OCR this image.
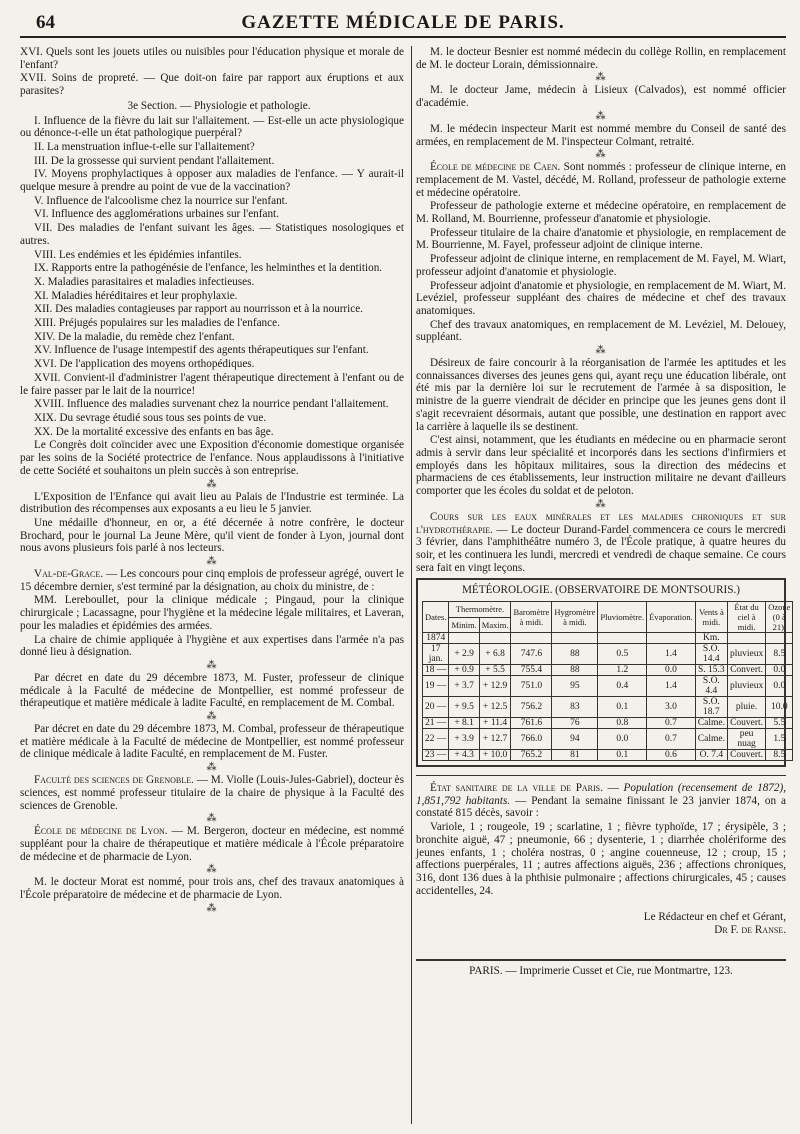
64	GAZETTE MÉDICALE DE PARIS.

XVI. Quels sont les jouets utiles ou nuisibles pour l'éducation physique et morale de l'enfant?

XVII. Soins de propreté. — Que doit-on faire par rapport aux éruptions et aux parasites?

3e Section. — Physiologie et pathologie.

I. Influence de la fièvre du lait sur l'allaitement. — Est-elle un acte physiologique ou dénonce-t-elle un état pathologique puerpéral?

II. La menstruation influe-t-elle sur l'allaitement?

III. De la grossesse qui survient pendant l'allaitement.

IV. Moyens prophylactiques à opposer aux maladies de l'enfance. — Y aurait-il quelque mesure à prendre au point de vue de la vaccination?

V. Influence de l'alcoolisme chez la nourrice sur l'enfant.

VI. Influence des agglomérations urbaines sur l'enfant.

VII. Des maladies de l'enfant suivant les âges. — Statistiques nosologiques et autres.

VIII. Les endémies et les épidémies infantiles.

IX. Rapports entre la pathogénésie de l'enfance, les helminthes et la dentition.

X. Maladies parasitaires et maladies infectieuses.

XI. Maladies héréditaires et leur prophylaxie.

XII. Des maladies contagieuses par rapport au nourrisson et à la nourrice.

XIII. Préjugés populaires sur les maladies de l'enfance.

XIV. De la maladie, du remède chez l'enfant.

XV. Influence de l'usage intempestif des agents thérapeutiques sur l'enfant.

XVI. De l'application des moyens orthopédiques.

XVII. Convient-il d'administrer l'agent thérapeutique directement à l'enfant ou de le faire passer par le lait de la nourrice!

XVIII. Influence des maladies survenant chez la nourrice pendant l'allaitement.

XIX. Du sevrage étudié sous tous ses points de vue.

XX. De la mortalité excessive des enfants en bas âge.

Le Congrès doit coïncider avec une Exposition d'économie domestique organisée par les soins de la Société protectrice de l'enfance. Nous applaudissons à l'initiative de cette Société et souhaitons un plein succès à son entreprise.

⁂

L'Exposition de l'Enfance qui avait lieu au Palais de l'Industrie est terminée. La distribution des récompenses aux exposants a eu lieu le 5 janvier.

Une médaille d'honneur, en or, a été décernée à notre confrère, le docteur Brochard, pour le journal La Jeune Mère, qu'il vient de fonder à Lyon, journal dont nous avons plusieurs fois parlé à nos lecteurs.

⁂

Val-de-Grace. — Les concours pour cinq emplois de professeur agrégé, ouvert le 15 décembre dernier, s'est terminé par la désignation, au choix du ministre, de :

MM. Lereboullet, pour la clinique médicale ; Pingaud, pour la clinique chirurgicale ; Lacassagne, pour l'hygiène et la médecine légale militaires, et Laveran, pour les maladies et épidémies des armées.

La chaire de chimie appliquée à l'hygiène et aux expertises dans l'armée n'a pas donné lieu à désignation.

⁂

Par décret en date du 29 décembre 1873, M. Fuster, professeur de clinique médicale à la Faculté de médecine de Montpellier, est nommé professeur de thérapeutique et matière médicale à ladite Faculté, en remplacement de M. Combal.

⁂

Par décret en date du 29 décembre 1873, M. Combal, professeur de thérapeutique et matière médicale à la Faculté de médecine de Montpellier, est nommé professeur de clinique médicale à ladite Faculté, en remplacement de M. Fuster.

⁂

Faculté des sciences de Grenoble. — M. Violle (Louis-Jules-Gabriel), docteur ès sciences, est nommé professeur titulaire de la chaire de physique à la Faculté des sciences de Grenoble.

⁂

École de médecine de Lyon. — M. Bergeron, docteur en médecine, est nommé suppléant pour la chaire de thérapeutique et matière médicale à l'École préparatoire de médecine et de pharmacie de Lyon.

⁂

M. le docteur Morat est nommé, pour trois ans, chef des travaux anatomiques à l'École préparatoire de médecine et de pharmacie de Lyon.

⁂

M. le docteur Besnier est nommé médecin du collège Rollin, en remplacement de M. le docteur Lorain, démissionnaire.

⁂

M. le docteur Jame, médecin à Lisieux (Calvados), est nommé officier d'académie.

⁂

M. le médecin inspecteur Marit est nommé membre du Conseil de santé des armées, en remplacement de M. l'inspecteur Colmant, retraité.

⁂

École de médecine de Caen. Sont nommés : professeur de clinique interne, en remplacement de M. Vastel, décédé, M. Rolland, professeur de pathologie externe et médecine opératoire.

Professeur de pathologie externe et médecine opératoire, en remplacement de M. Rolland, M. Bourrienne, professeur d'anatomie et physiologie.

Professeur titulaire de la chaire d'anatomie et physiologie, en remplacement de M. Bourrienne, M. Fayel, professeur adjoint de clinique interne.

Professeur adjoint de clinique interne, en remplacement de M. Fayel, M. Wiart, professeur adjoint d'anatomie et physiologie.

Professeur adjoint d'anatomie et physiologie, en remplacement de M. Wiart, M. Levéziel, professeur suppléant des chaires de médecine et chef des travaux anatomiques.

Chef des travaux anatomiques, en remplacement de M. Levéziel, M. Delouey, suppléant.

⁂

Désireux de faire concourir à la réorganisation de l'armée les aptitudes et les connaissances diverses des jeunes gens qui, ayant reçu une éducation libérale, ont été mis par la dernière loi sur le recrutement de l'armée à sa disposition, le ministre de la guerre viendrait de décider en principe que les jeunes gens dont il s'agit recevraient désormais, autant que possible, une destination en rapport avec la carrière à laquelle ils se destinent.

C'est ainsi, notamment, que les étudiants en médecine ou en pharmacie seront admis à servir dans leur spécialité et incorporés dans les sections d'infirmiers et employés dans les hôpitaux militaires, sous la direction des médecins et pharmaciens de ces établissements, leur instruction militaire ne devant d'ailleurs comporter que les écoles du soldat et de peloton.

⁂

Cours sur les eaux minérales et les maladies chroniques et sur l'hydrothérapie. — Le docteur Durand-Fardel commencera ce cours le mercredi 3 février, dans l'amphithéâtre numéro 3, de l'École pratique, à quatre heures du soir, et les continuera les lundi, mercredi et vendredi de chaque semaine. Ce cours sera fait en vingt leçons.

MÉTÉOROLOGIE. (OBSERVATOIRE DE MONTSOURIS.)
Dates.	Thermomètre.		Baromètre à midi.	Hygromètre à midi.	Pluviomètre.	Évaporation.	Vents à midi.	État du ciel à midi.	Ozone (0 à 21).
	Minim.	Maxim.							
1874							Km.		
17 jan.	+ 2.9	+ 6.8	747.6	88	0.5	1.4	S.O. 14.4	pluvieux	8.5
18 —	+ 0.9	+ 5.5	755.4	88	1.2	0.0	S. 15.3	Convert.	0.0
19 —	+ 3.7	+ 12.9	751.0	95	0.4	1.4	S.O. 4.4	pluvieux	0.0
20 —	+ 9.5	+ 12.5	756.2	83	0.1	3.0	S.O. 18.7	pluie.	10.0
21 —	+ 8.1	+ 11.4	761.6	76	0.8	0.7	Calme.	Couvert.	5.5
22 —	+ 3.9	+ 12.7	766.0	94	0.0	0.7	Calme.	peu nuag	1.5
23 —	+ 4.3	+ 10.0	765.2	81	0.1	0.6	O. 7.4	Couvert.	8.5

État sanitaire de la ville de Paris. — Population (recensement de 1872), 1,851,792 habitants. — Pendant la semaine finissant le 23 janvier 1874, on a constaté 815 décès, savoir :

Variole, 1 ; rougeole, 19 ; scarlatine, 1 ; fièvre typhoïde, 17 ; érysipèle, 3 ; bronchite aiguë, 47 ; pneumonie, 66 ; dysenterie, 1 ; diarrhée cholériforme des jeunes enfants, 1 ; choléra nostras, 0 ; angine couenneuse, 12 ; croup, 15 ; affections puerpérales, 11 ; autres affections aiguës, 236 ; affections chroniques, 316, dont 136 dues à la phthisie pulmonaire ; affections chirurgicales, 45 ; causes accidentelles, 24.

Le Rédacteur en chef et Gérant,
Dr F. de Ranse.
PARIS. — Imprimerie Cusset et Cie, rue Montmartre, 123.
